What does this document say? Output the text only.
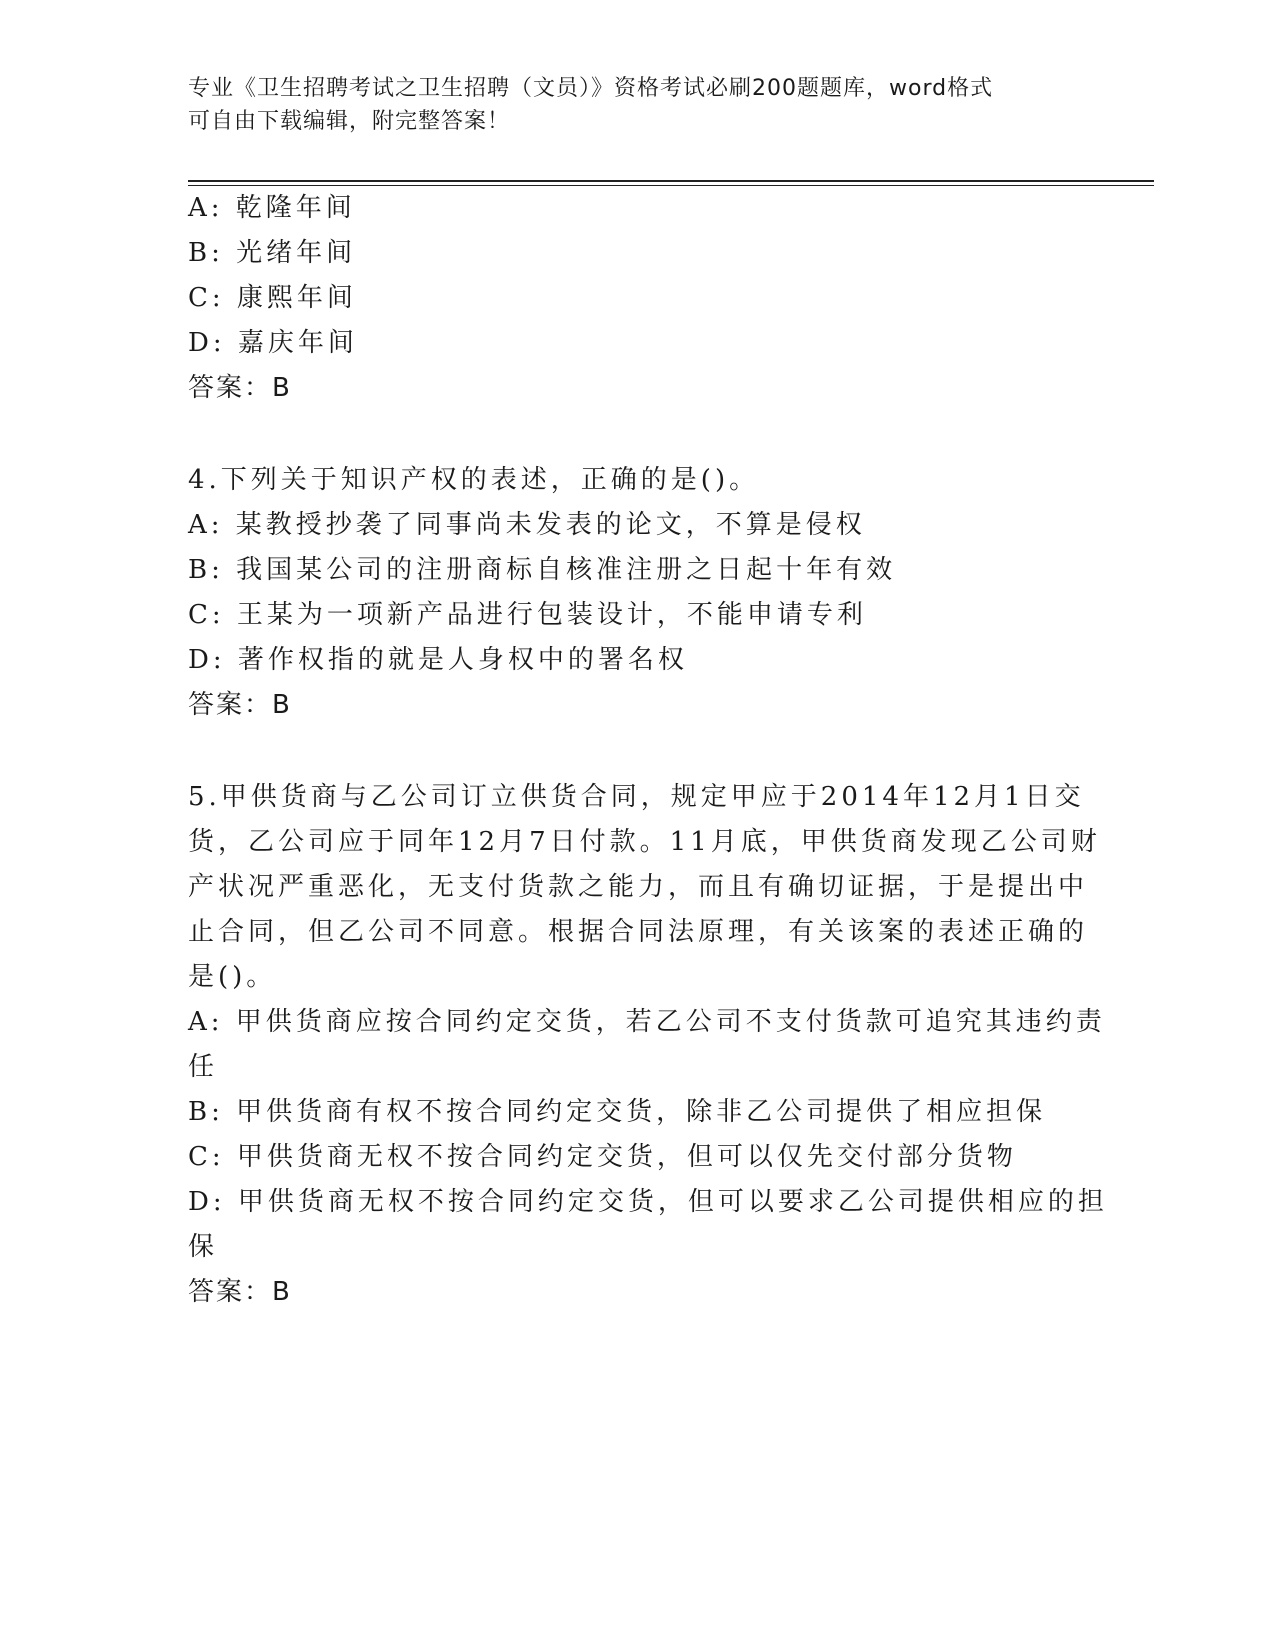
专业《卫生招聘考试之卫生招聘（文员）》资格考试必刷200题题库，word格式
可自由下载编辑，附完整答案！
A: 乾隆年间
B: 光绪年间
C: 康熙年间
D: 嘉庆年间
答案：B
4.下列关于知识产权的表述，正确的是()。
A: 某教授抄袭了同事尚未发表的论文，不算是侵权
B: 我国某公司的注册商标自核准注册之日起十年有效
C: 王某为一项新产品进行包装设计，不能申请专利
D: 著作权指的就是人身权中的署名权
答案：B
5.甲供货商与乙公司订立供货合同，规定甲应于2014年12月1日交
货，乙公司应于同年12月7日付款。11月底，甲供货商发现乙公司财
产状况严重恶化，无支付货款之能力，而且有确切证据，于是提出中
止合同，但乙公司不同意。根据合同法原理，有关该案的表述正确的
是()。
A: 甲供货商应按合同约定交货，若乙公司不支付货款可追究其违约责
任
B: 甲供货商有权不按合同约定交货，除非乙公司提供了相应担保
C: 甲供货商无权不按合同约定交货，但可以仅先交付部分货物
D: 甲供货商无权不按合同约定交货，但可以要求乙公司提供相应的担
保
答案：B
